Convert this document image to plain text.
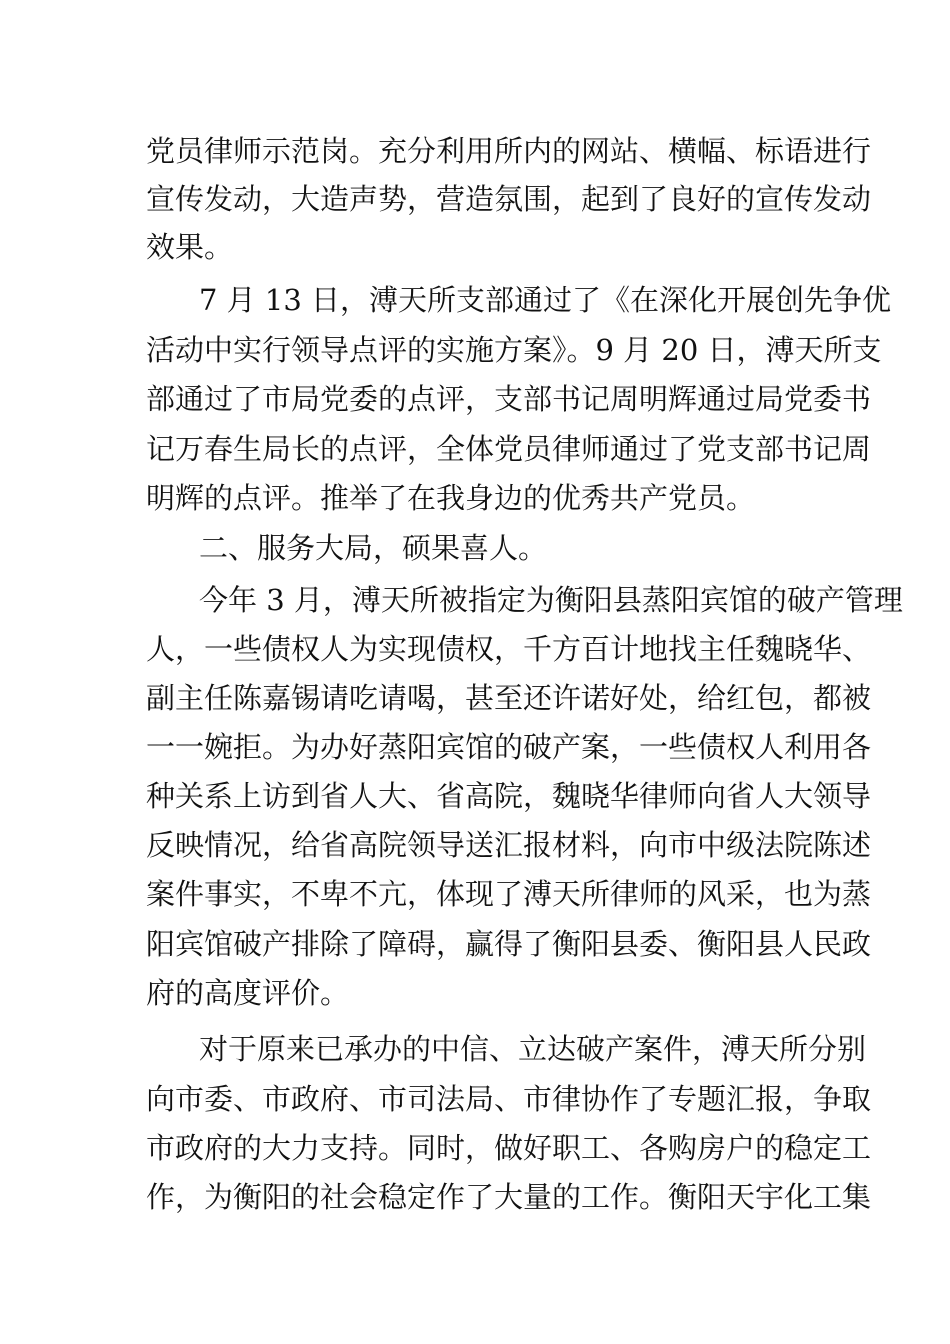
党员律师示范岗。充分利用所内的网站、横幅、标语进行
宣传发动，大造声势，营造氛围，起到了良好的宣传发动
效果。
7 月 13 日，溥天所支部通过了《在深化开展创先争优
活动中实行领导点评的实施方案》。9 月 20 日，溥天所支
部通过了市局党委的点评，支部书记周明辉通过局党委书
记万春生局长的点评，全体党员律师通过了党支部书记周
明辉的点评。推举了在我身边的优秀共产党员。
二、服务大局，硕果喜人。
今年 3 月，溥天所被指定为衡阳县蒸阳宾馆的破产管理
人，一些债权人为实现债权，千方百计地找主任魏晓华、
副主任陈嘉锡请吃请喝，甚至还许诺好处，给红包，都被
一一婉拒。为办好蒸阳宾馆的破产案，一些债权人利用各
种关系上访到省人大、省高院，魏晓华律师向省人大领导
反映情况，给省高院领导送汇报材料，向市中级法院陈述
案件事实，不卑不亢，体现了溥天所律师的风采，也为蒸
阳宾馆破产排除了障碍，赢得了衡阳县委、衡阳县人民政
府的高度评价。
对于原来已承办的中信、立达破产案件，溥天所分别
向市委、市政府、市司法局、市律协作了专题汇报，争取
市政府的大力支持。同时，做好职工、各购房户的稳定工
作，为衡阳的社会稳定作了大量的工作。衡阳天宇化工集
